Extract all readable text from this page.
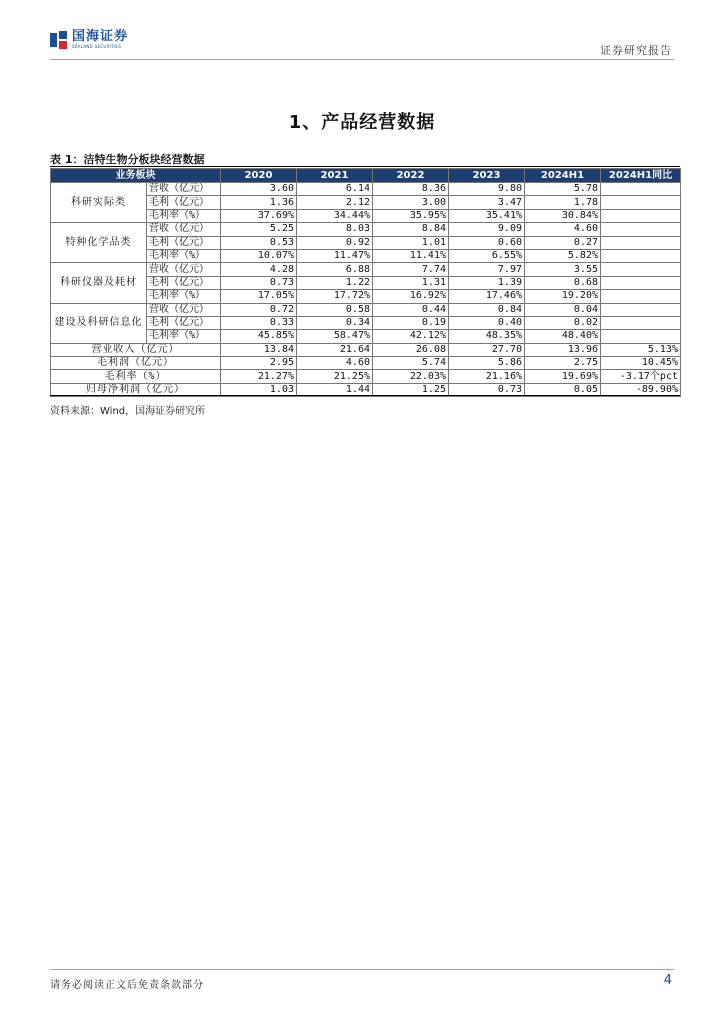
国海证券
SEALAND SECURITIES	证券研究报告
1、产品经营数据
表 1：洁特生物分板块经营数据
业务板块		2020	2021	2022	2023	2024H1	2024H1同比
科研实际类	营收（亿元）	3.60	6.14	8.36	9.80	5.78	
	毛利（亿元）	1.36	2.12	3.00	3.47	1.78	
	毛利率（%）	37.69%	34.44%	35.95%	35.41%	30.84%	
特种化学品类	营收（亿元）	5.25	8.03	8.84	9.09	4.60	
	毛利（亿元）	0.53	0.92	1.01	0.60	0.27	
	毛利率（%）	10.07%	11.47%	11.41%	6.55%	5.82%	
科研仪器及耗材	营收（亿元）	4.28	6.88	7.74	7.97	3.55	
	毛利（亿元）	0.73	1.22	1.31	1.39	0.68	
	毛利率（%）	17.05%	17.72%	16.92%	17.46%	19.20%	
建设及科研信息化	营收（亿元）	0.72	0.58	0.44	0.84	0.04	
	毛利（亿元）	0.33	0.34	0.19	0.40	0.02	
	毛利率（%）	45.85%	58.47%	42.12%	48.35%	48.40%	
营业收入（亿元）		13.84	21.64	26.08	27.70	13.96	5.13%
毛利润（亿元）		2.95	4.60	5.74	5.86	2.75	10.45%
毛利率（%）		21.27%	21.25%	22.03%	21.16%	19.69%	-3.17个pct
归母净利润（亿元）		1.03	1.44	1.25	0.73	0.05	-89.90%
资料来源：Wind，国海证券研究所
请务必阅读正文后免责条款部分	4
